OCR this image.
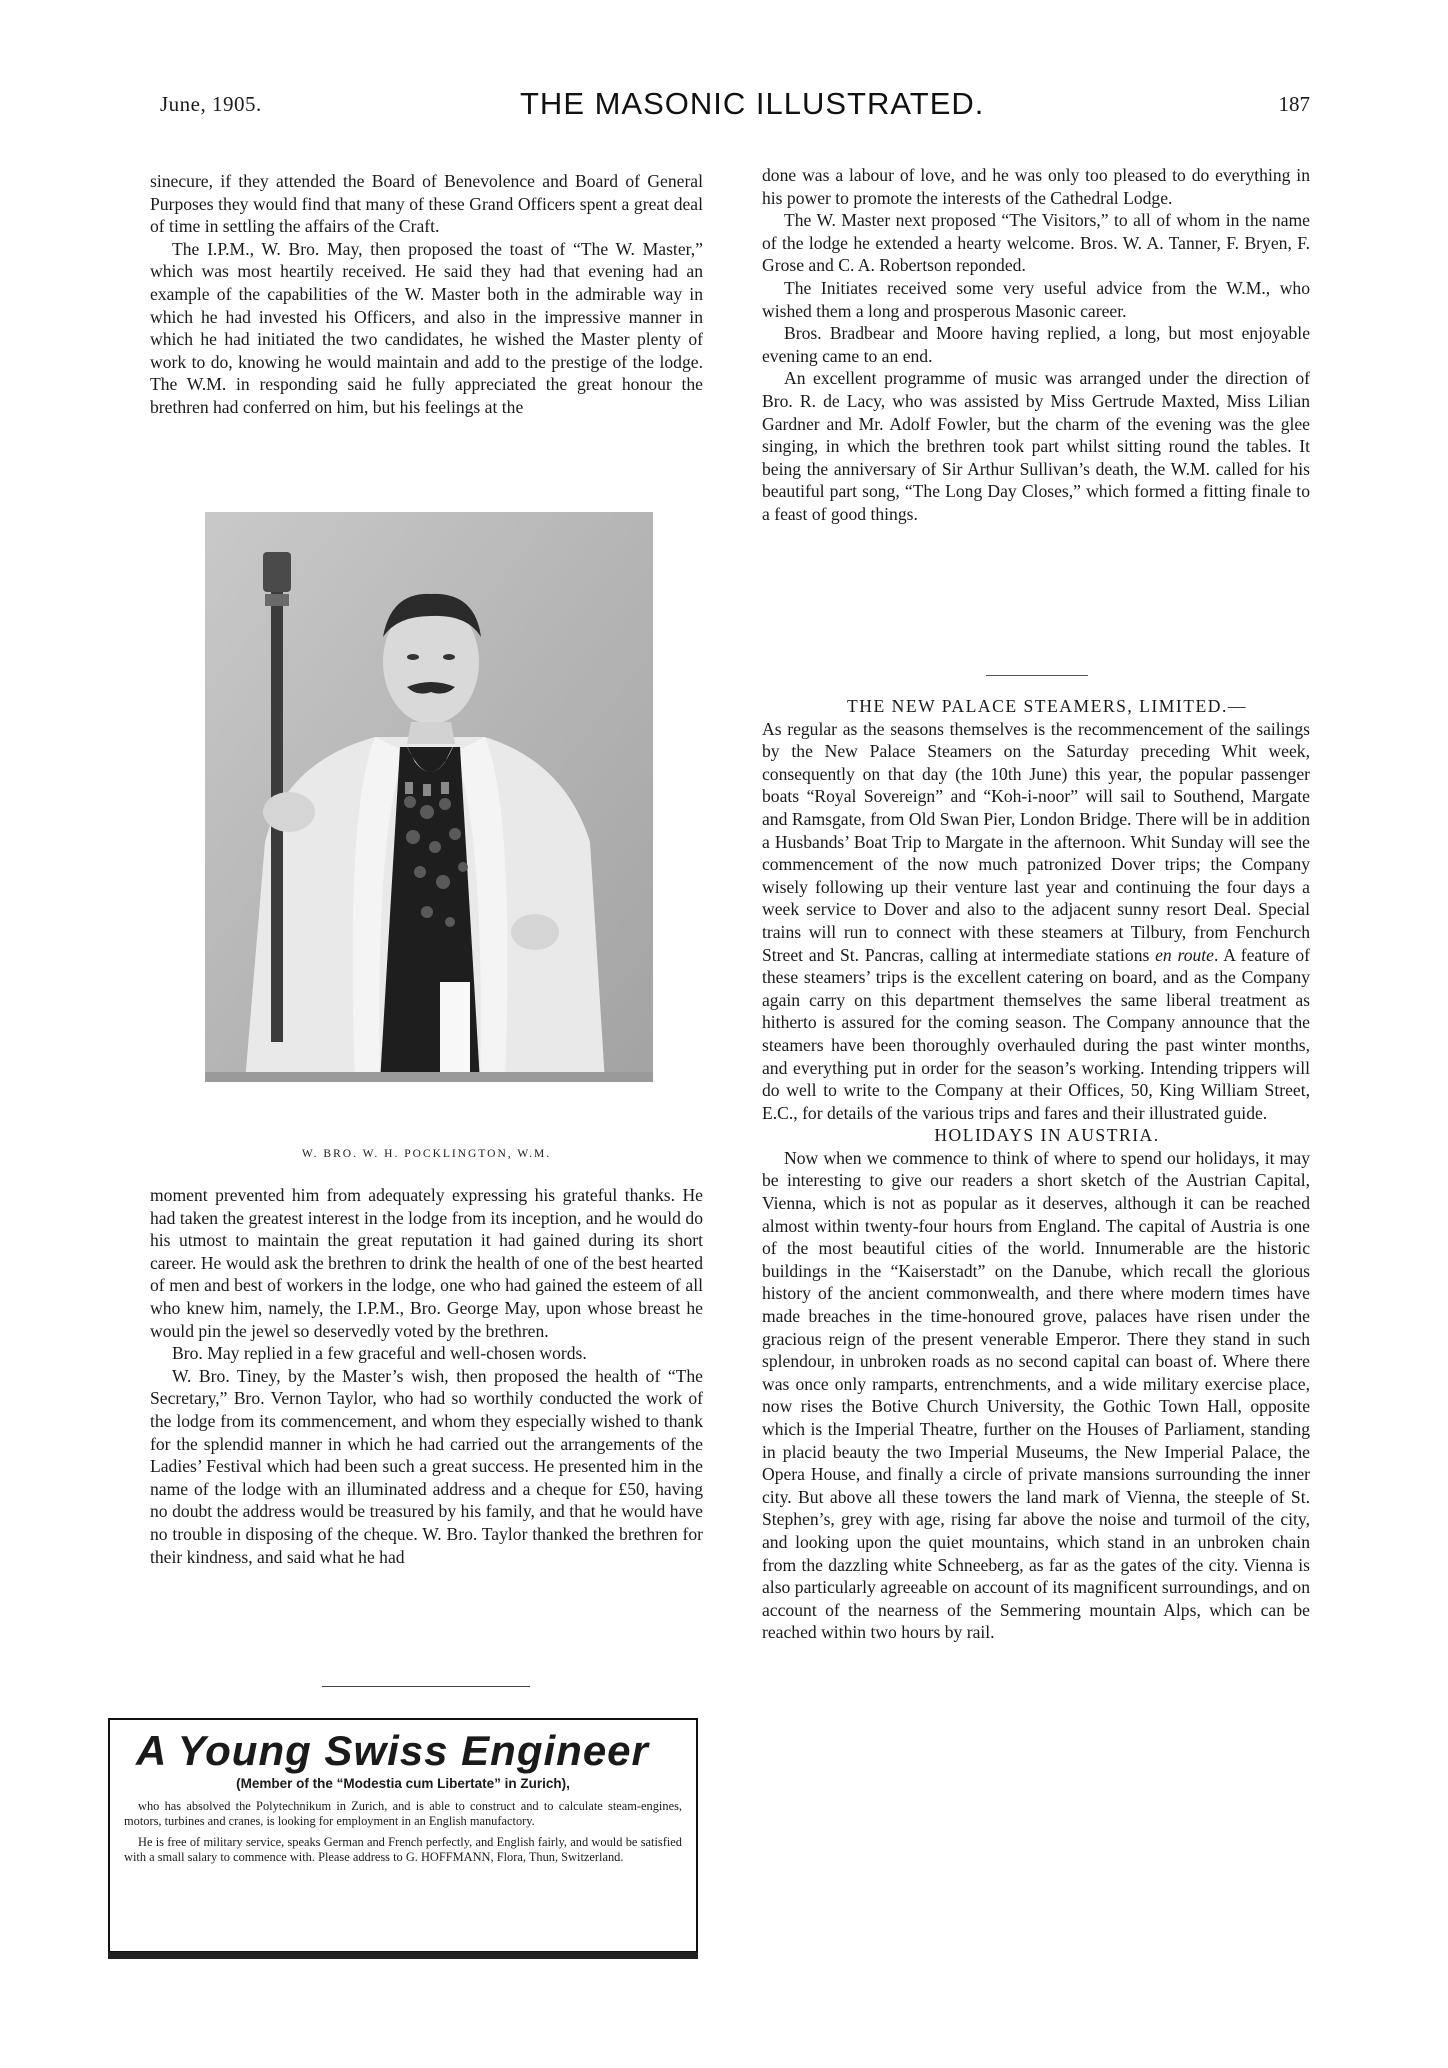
June, 1905.	THE MASONIC ILLUSTRATED.	187

sinecure, if they attended the Board of Benevolence and Board of General Purposes they would find that many of these Grand Officers spent a great deal of time in settling the affairs of the Craft.

The I.P.M., W. Bro. May, then proposed the toast of “The W. Master,” which was most heartily received. He said they had that evening had an example of the capabilities of the W. Master both in the admirable way in which he had invested his Officers, and also in the impressive manner in which he had initiated the two candidates, he wished the Master plenty of work to do, knowing he would maintain and add to the prestige of the lodge. The W.M. in responding said he fully appreciated the great honour the brethren had conferred on him, but his feelings at the

W. BRO. W. H. POCKLINGTON, W.M.

moment prevented him from adequately expressing his grateful thanks. He had taken the greatest interest in the lodge from its inception, and he would do his utmost to maintain the great reputation it had gained during its short career. He would ask the brethren to drink the health of one of the best hearted of men and best of workers in the lodge, one who had gained the esteem of all who knew him, namely, the I.P.M., Bro. George May, upon whose breast he would pin the jewel so deservedly voted by the brethren.

Bro. May replied in a few graceful and well-chosen words.

W. Bro. Tiney, by the Master’s wish, then proposed the health of “The Secretary,” Bro. Vernon Taylor, who had so worthily conducted the work of the lodge from its commencement, and whom they especially wished to thank for the splendid manner in which he had carried out the arrangements of the Ladies’ Festival which had been such a great success. He presented him in the name of the lodge with an illuminated address and a cheque for £50, having no doubt the address would be treasured by his family, and that he would have no trouble in disposing of the cheque. W. Bro. Taylor thanked the brethren for their kindness, and said what he had

A Young Swiss Engineer
(Member of the “Modestia cum Libertate” in Zurich),

who has absolved the Polytechnikum in Zurich, and is able to construct and to calculate steam-engines, motors, turbines and cranes, is looking for employment in an English manufactory.

He is free of military service, speaks German and French perfectly, and English fairly, and would be satisfied with a small salary to commence with. Please address to G. HOFFMANN, Flora, Thun, Switzerland.

done was a labour of love, and he was only too pleased to do everything in his power to promote the interests of the Cathedral Lodge.

The W. Master next proposed “The Visitors,” to all of whom in the name of the lodge he extended a hearty welcome. Bros. W. A. Tanner, F. Bryen, F. Grose and C. A. Robertson reponded.

The Initiates received some very useful advice from the W.M., who wished them a long and prosperous Masonic career.

Bros. Bradbear and Moore having replied, a long, but most enjoyable evening came to an end.

An excellent programme of music was arranged under the direction of Bro. R. de Lacy, who was assisted by Miss Gertrude Maxted, Miss Lilian Gardner and Mr. Adolf Fowler, but the charm of the evening was the glee singing, in which the brethren took part whilst sitting round the tables. It being the anniversary of Sir Arthur Sullivan’s death, the W.M. called for his beautiful part song, “The Long Day Closes,” which formed a fitting finale to a feast of good things.

THE NEW PALACE STEAMERS, LIMITED.—

As regular as the seasons themselves is the recommencement of the sailings by the New Palace Steamers on the Saturday preceding Whit week, consequently on that day (the 10th June) this year, the popular passenger boats “Royal Sovereign” and “Koh-i-noor” will sail to Southend, Margate and Ramsgate, from Old Swan Pier, London Bridge. There will be in addition a Husbands’ Boat Trip to Margate in the afternoon. Whit Sunday will see the commencement of the now much patronized Dover trips; the Company wisely following up their venture last year and continuing the four days a week service to Dover and also to the adjacent sunny resort Deal. Special trains will run to connect with these steamers at Tilbury, from Fenchurch Street and St. Pancras, calling at intermediate stations en route. A feature of these steamers’ trips is the excellent catering on board, and as the Company again carry on this department themselves the same liberal treatment as hitherto is assured for the coming season. The Company announce that the steamers have been thoroughly overhauled during the past winter months, and everything put in order for the season’s working. Intending trippers will do well to write to the Company at their Offices, 50, King William Street, E.C., for details of the various trips and fares and their illustrated guide.

HOLIDAYS IN AUSTRIA.

Now when we commence to think of where to spend our holidays, it may be interesting to give our readers a short sketch of the Austrian Capital, Vienna, which is not as popular as it deserves, although it can be reached almost within twenty-four hours from England. The capital of Austria is one of the most beautiful cities of the world. Innumerable are the historic buildings in the “Kaiserstadt” on the Danube, which recall the glorious history of the ancient commonwealth, and there where modern times have made breaches in the time-honoured grove, palaces have risen under the gracious reign of the present venerable Emperor. There they stand in such splendour, in unbroken roads as no second capital can boast of. Where there was once only ramparts, entrenchments, and a wide military exercise place, now rises the Botive Church University, the Gothic Town Hall, opposite which is the Imperial Theatre, further on the Houses of Parliament, standing in placid beauty the two Imperial Museums, the New Imperial Palace, the Opera House, and finally a circle of private mansions surrounding the inner city. But above all these towers the land mark of Vienna, the steeple of St. Stephen’s, grey with age, rising far above the noise and turmoil of the city, and looking upon the quiet mountains, which stand in an unbroken chain from the dazzling white Schneeberg, as far as the gates of the city. Vienna is also particularly agreeable on account of its magnificent surroundings, and on account of the nearness of the Semmering mountain Alps, which can be reached within two hours by rail.
